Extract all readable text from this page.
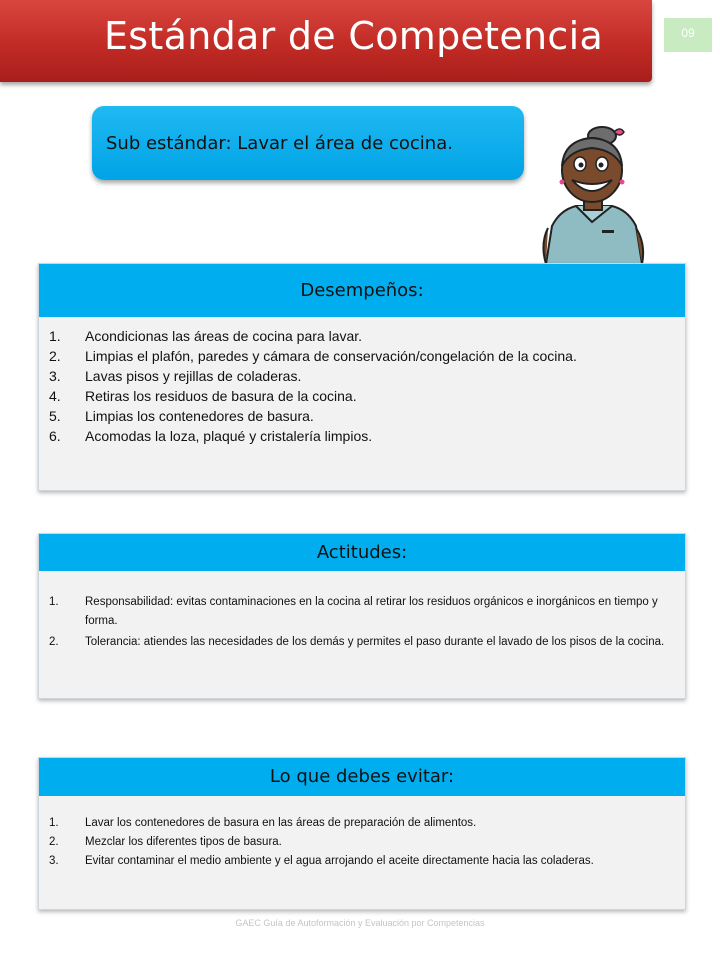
Estándar de Competencia	09
Sub estándar: Lavar el área de cocina.
Desempeños:
1. Acondicionas las áreas de cocina para lavar.
2. Limpias el plafón, paredes y cámara de conservación/congelación de la cocina.
3. Lavas pisos y rejillas de coladeras.
4. Retiras los residuos de basura de la cocina.
5. Limpias los contenedores de basura.
6. Acomodas la loza, plaqué y cristalería limpios.
Actitudes:
1. Responsabilidad: evitas contaminaciones en la cocina al retirar los residuos orgánicos e inorgánicos en tiempo y forma.
2. Tolerancia: atiendes las necesidades de los demás y permites el paso durante el lavado de los pisos de la cocina.
Lo que debes evitar:
1. Lavar los contenedores de basura en las áreas de preparación de alimentos.
2. Mezclar los diferentes tipos de basura.
3. Evitar contaminar el medio ambiente y el agua arrojando el aceite directamente hacia las coladeras.
GAEC Guía de Autoformación y Evaluación por Competencias
